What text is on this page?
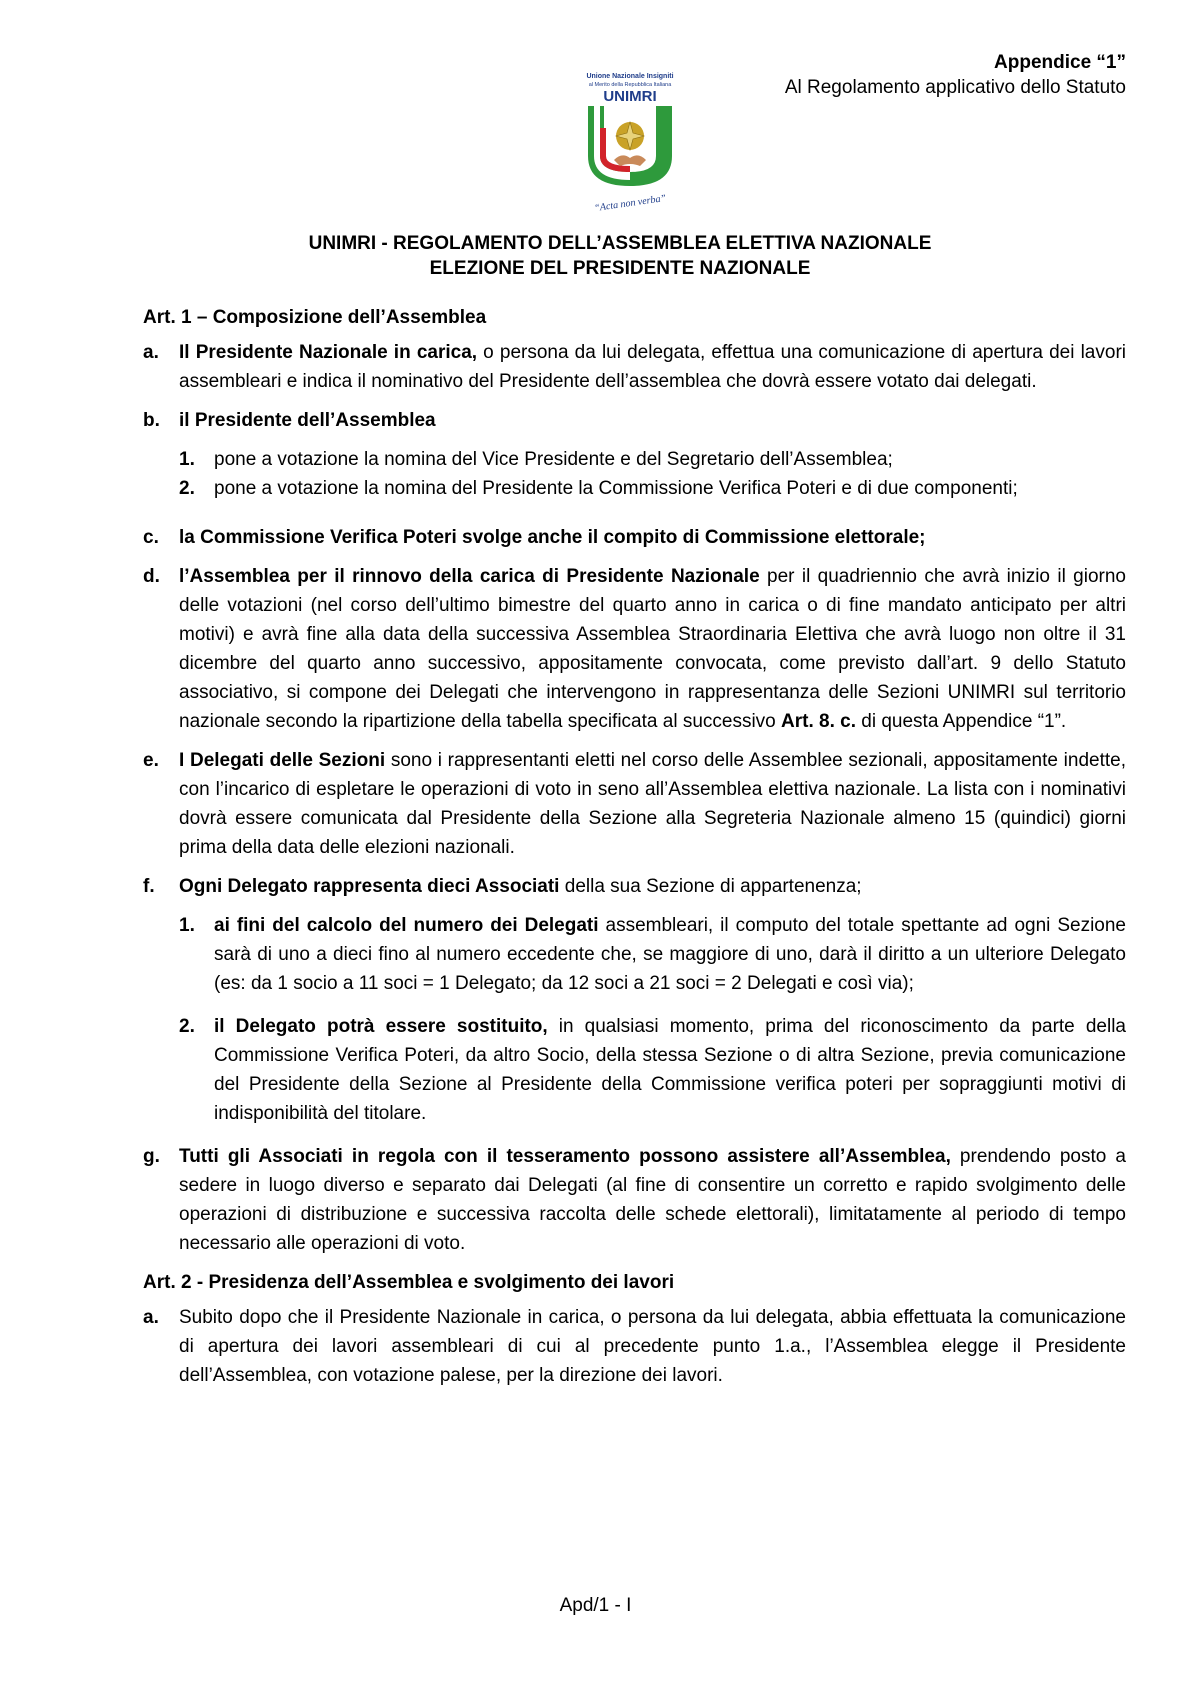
Appendice “1”
Al Regolamento applicativo dello Statuto
Unione Nazionale Insigniti
al Merito della Repubblica Italiana
UNIMRI
“Acta non verba”
UNIMRI - REGOLAMENTO DELL’ASSEMBLEA ELETTIVA NAZIONALE
ELEZIONE DEL PRESIDENTE NAZIONALE
Art. 1 – Composizione dell’Assemblea
a. Il Presidente Nazionale in carica, o persona da lui delegata, effettua una comunicazione di apertura dei lavori assembleari e indica il nominativo del Presidente dell’assemblea che dovrà essere votato dai delegati.
b. il Presidente dell’Assemblea
1. pone a votazione la nomina del Vice Presidente e del Segretario dell’Assemblea;
2. pone a votazione la nomina del Presidente la Commissione Verifica Poteri e di due componenti;
c. la Commissione Verifica Poteri svolge anche il compito di Commissione elettorale;
d. l’Assemblea per il rinnovo della carica di Presidente Nazionale per il quadriennio che avrà inizio il giorno delle votazioni (nel corso dell’ultimo bimestre del quarto anno in carica o di fine mandato anticipato per altri motivi) e avrà fine alla data della successiva Assemblea Straordinaria Elettiva che avrà luogo non oltre il 31 dicembre del quarto anno successivo, appositamente convocata, come previsto dall’art. 9 dello Statuto associativo, si compone dei Delegati che intervengono in rappresentanza delle Sezioni UNIMRI sul territorio nazionale secondo la ripartizione della tabella specificata al successivo Art. 8. c. di questa Appendice “1”.
e. I Delegati delle Sezioni sono i rappresentanti eletti nel corso delle Assemblee sezionali, appositamente indette, con l’incarico di espletare le operazioni di voto in seno all’Assemblea elettiva nazionale. La lista con i nominativi dovrà essere comunicata dal Presidente della Sezione alla Segreteria Nazionale almeno 15 (quindici) giorni prima della data delle elezioni nazionali.
f. Ogni Delegato rappresenta dieci Associati della sua Sezione di appartenenza;
1. ai fini del calcolo del numero dei Delegati assembleari, il computo del totale spettante ad ogni Sezione sarà di uno a dieci fino al numero eccedente che, se maggiore di uno, darà il diritto a un ulteriore Delegato (es: da 1 socio a 11 soci = 1 Delegato; da 12 soci a 21 soci = 2 Delegati e così via);
2. il Delegato potrà essere sostituito, in qualsiasi momento, prima del riconoscimento da parte della Commissione Verifica Poteri, da altro Socio, della stessa Sezione o di altra Sezione, previa comunicazione del Presidente della Sezione al Presidente della Commissione verifica poteri per sopraggiunti motivi di indisponibilità del titolare.
g. Tutti gli Associati in regola con il tesseramento possono assistere all’Assemblea, prendendo posto a sedere in luogo diverso e separato dai Delegati (al fine di consentire un corretto e rapido svolgimento delle operazioni di distribuzione e successiva raccolta delle schede elettorali), limitatamente al periodo di tempo necessario alle operazioni di voto.
Art. 2 - Presidenza dell’Assemblea e svolgimento dei lavori
a. Subito dopo che il Presidente Nazionale in carica, o persona da lui delegata, abbia effettuata la comunicazione di apertura dei lavori assembleari di cui al precedente punto 1.a., l’Assemblea elegge il Presidente dell’Assemblea, con votazione palese, per la direzione dei lavori.
Apd/1 - I
